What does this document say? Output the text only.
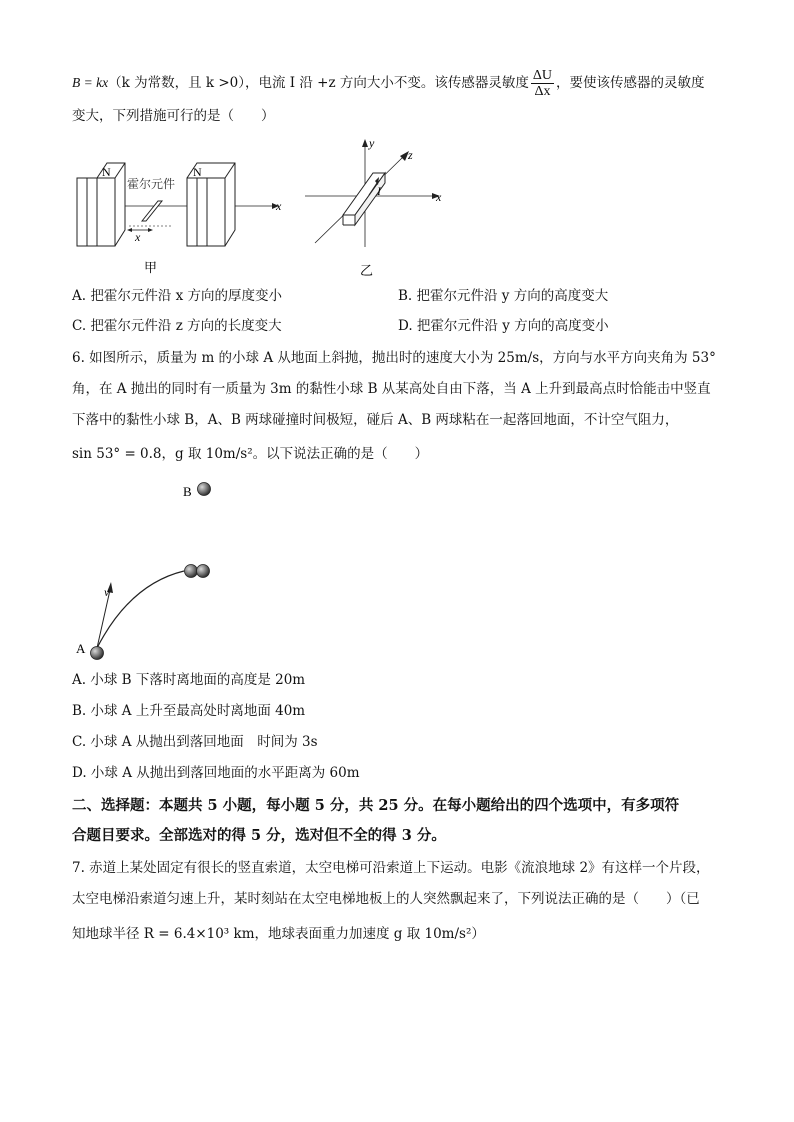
B = kx（k 为常数，且 k >0），电流 I 沿 +z 方向大小不变。该传感器灵敏度 $\frac{\Delta U}{\Delta x}$ ，要使该传感器的灵敏度
变大，下列措施可行的是（　　）
N	N
x
霍尔元件
x
甲
y
x
z
I
乙
A. 把霍尔元件沿 x 方向的厚度变小	B. 把霍尔元件沿 y 方向的高度变大
C. 把霍尔元件沿 z 方向的长度变大	D. 把霍尔元件沿 y 方向的高度变小
6. 如图所示，质量为 m 的小球 A 从地面上斜抛，抛出时的速度大小为 25m/s，方向与水平方向夹角为 53°
角，在 A 抛出的同时有一质量为 3m 的黏性小球 B 从某高处自由下落，当 A 上升到最高点时恰能击中竖直
下落中的黏性小球 B，A、B 两球碰撞时间极短，碰后 A、B 两球粘在一起落回地面，不计空气阻力，
sin 53° = 0.8，g 取 10m/s²。以下说法正确的是（　　）
B
v
A
A. 小球 B 下落时离地面的高度是 20m
B. 小球 A 上升至最高处时离地面 40m
C. 小球 A 从抛出到落回地面　时间为 3s
D. 小球 A 从抛出到落回地面的水平距离为 60m
二、选择题：本题共 5 小题，每小题 5 分，共 25 分。在每小题给出的四个选项中，有多项符
合题目要求。全部选对的得 5 分，选对但不全的得 3 分。
7. 赤道上某处固定有很长的竖直索道，太空电梯可沿索道上下运动。电影《流浪地球 2》有这样一个片段，
太空电梯沿索道匀速上升，某时刻站在太空电梯地板上的人突然飘起来了，下列说法正确的是（　　）（已
知地球半径 R = 6.4×10³ km，地球表面重力加速度 g 取 10m/s²）
